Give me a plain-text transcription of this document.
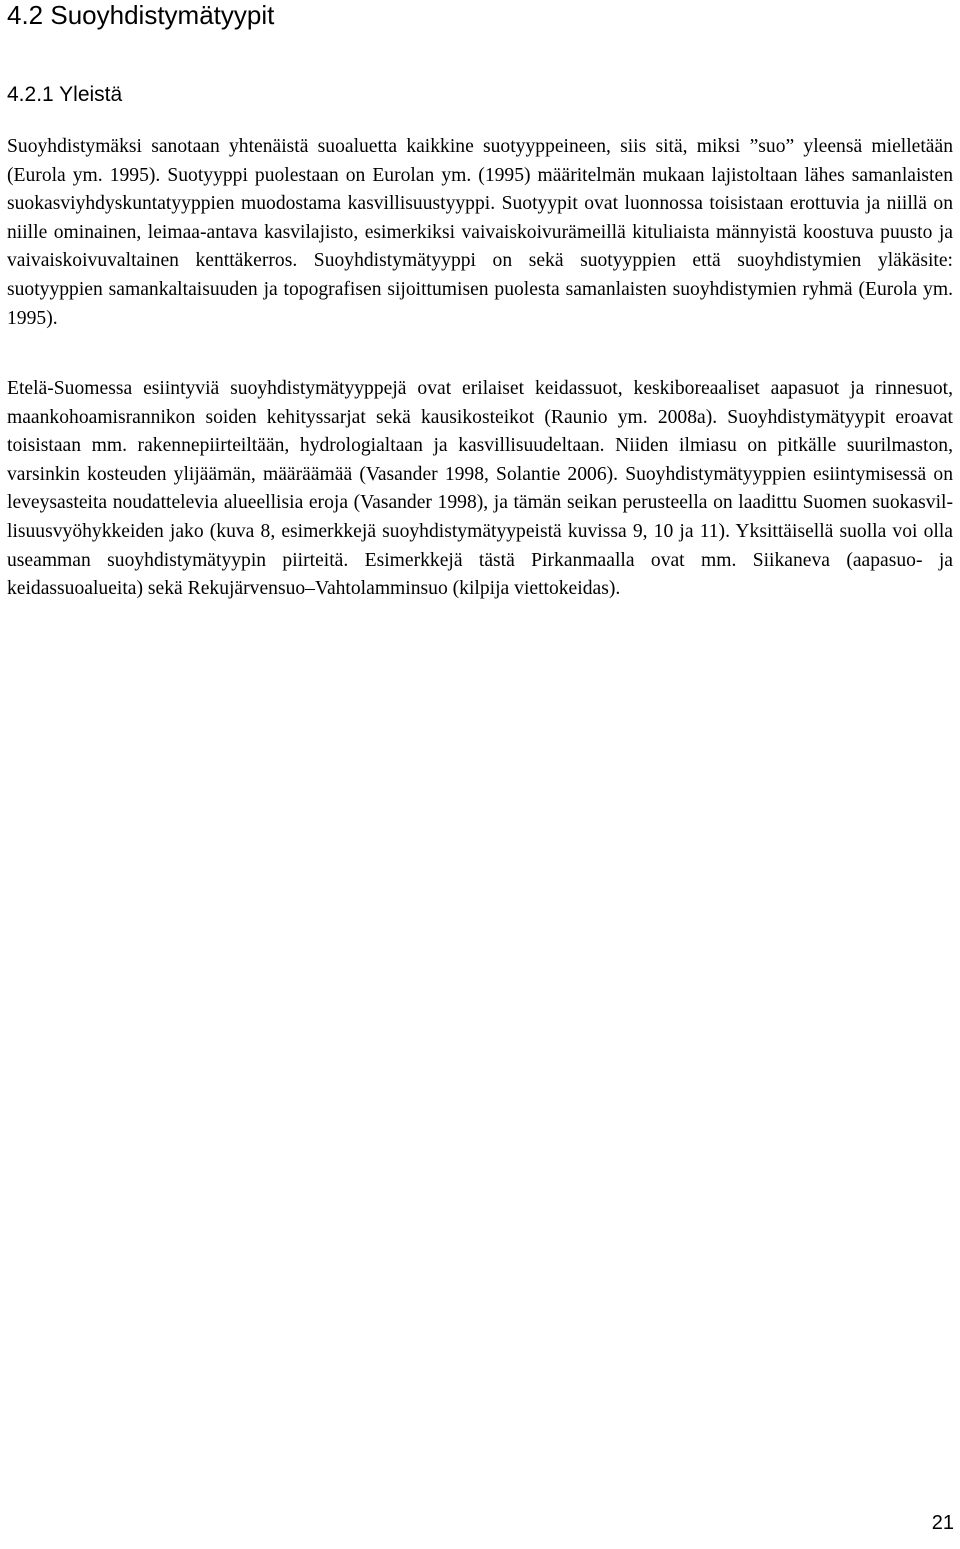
4.2 Suoyhdistymätyypit
4.2.1 Yleistä

Suoyhdistymäksi sanotaan yhtenäistä suoaluetta kaikkine suotyyppeineen, siis sitä, miksi ”suo” yleensä mielletään (Eurola ym. 1995). Suotyyppi puolestaan on Eurolan ym. (1995) määritelmän mukaan lajistoltaan lähes samanlaisten suokasviyhdyskuntatyyppien muodostama kasvillisuustyyppi. Suotyypit ovat luonnossa toisistaan erottuvia ja niillä on niille ominainen, leimaa-antava kasvilajisto, esimerkiksi vaivaiskoivurämeillä kituliaista männyistä koostuva puusto ja vaivaiskoivuvaltainen kenttäkerros. Suoyhdistymätyyppi on sekä suotyyppien että suoyhdistymien yläkäsite: suotyyppien samankaltaisuuden ja topografisen sijoittumisen puolesta samanlaisten suoyhdistymien ryhmä (Eurola ym. 1995).

Etelä-Suomessa esiintyviä suoyhdistymätyyppejä ovat erilaiset keidassuot, keskiboreaaliset aapasuot ja rinnesuot, maankohoamisrannikon soiden kehityssarjat sekä kausikosteikot (Raunio ym. 2008a). Suoyhdistymätyypit eroavat toisistaan mm. rakennepiirteiltään, hydrologialtaan ja kasvillisuudeltaan. Niiden ilmiasu on pitkälle suurilmaston, varsinkin kosteuden ylijäämän, määräämää (Vasander 1998, Solantie 2006). Suoyhdistymätyyppien esiintymisessä on leveysasteita noudattelevia alueellisia eroja (Vasander 1998), ja tämän seikan perusteella on laadittu Suomen suokasvillisuusvyöhykkeiden jako (kuva 8, esimerkkejä suoyhdistymätyypeistä kuvissa 9, 10 ja 11). Yksittäisellä suolla voi olla useamman suoyhdistymätyypin piirteitä. Esimerkkejä tästä Pirkanmaalla ovat mm. Siikaneva (aapasuo- ja keidassuoalueita) sekä Rekujärvensuo–Vahtolamminsuo (kilpija viettokeidas).

21
